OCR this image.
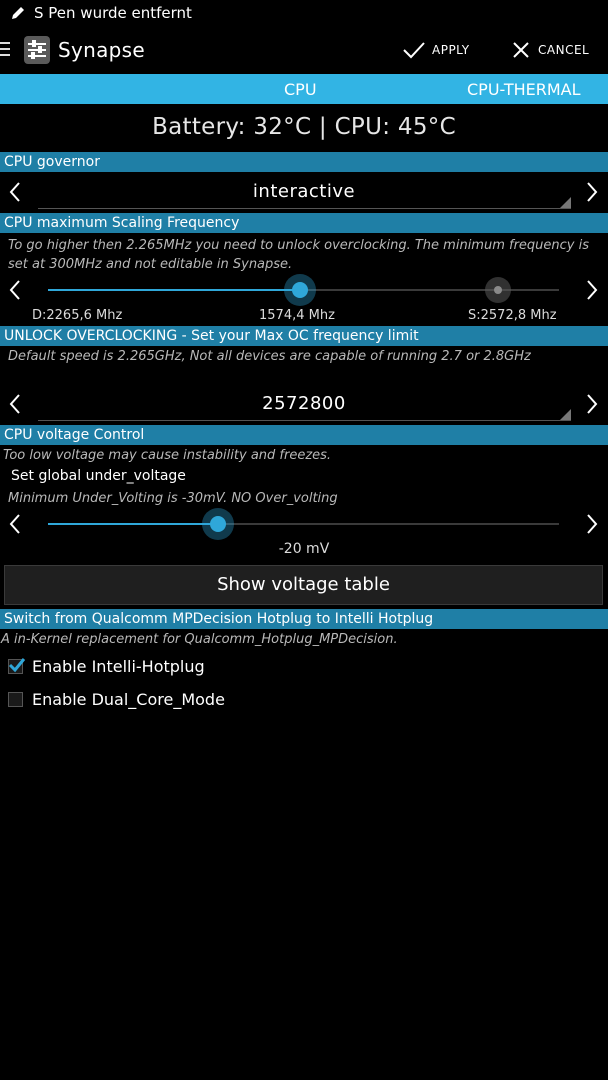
S Pen wurde entfernt
Synapse	APPLY	CANCEL
CPU	CPU-THERMAL
Battery: 32°C | CPU: 45°C
CPU governor
interactive
CPU maximum Scaling Frequency
To go higher then 2.265MHz you need to unlock overclocking. The minimum frequency is set at 300MHz and not editable in Synapse.
D:2265,6 Mhz	1574,4 Mhz	S:2572,8 Mhz
UNLOCK OVERCLOCKING - Set your Max OC frequency limit
Default speed is 2.265GHz, Not all devices are capable of running 2.7 or 2.8GHz
2572800
CPU voltage Control
Too low voltage may cause instability and freezes.
Set global under_voltage
Minimum Under_Volting is -30mV. NO Over_volting
-20 mV
Show voltage table
Switch from Qualcomm MPDecision Hotplug to Intelli Hotplug
A in-Kernel replacement for Qualcomm_Hotplug_MPDecision.
Enable Intelli-Hotplug
Enable Dual_Core_Mode
